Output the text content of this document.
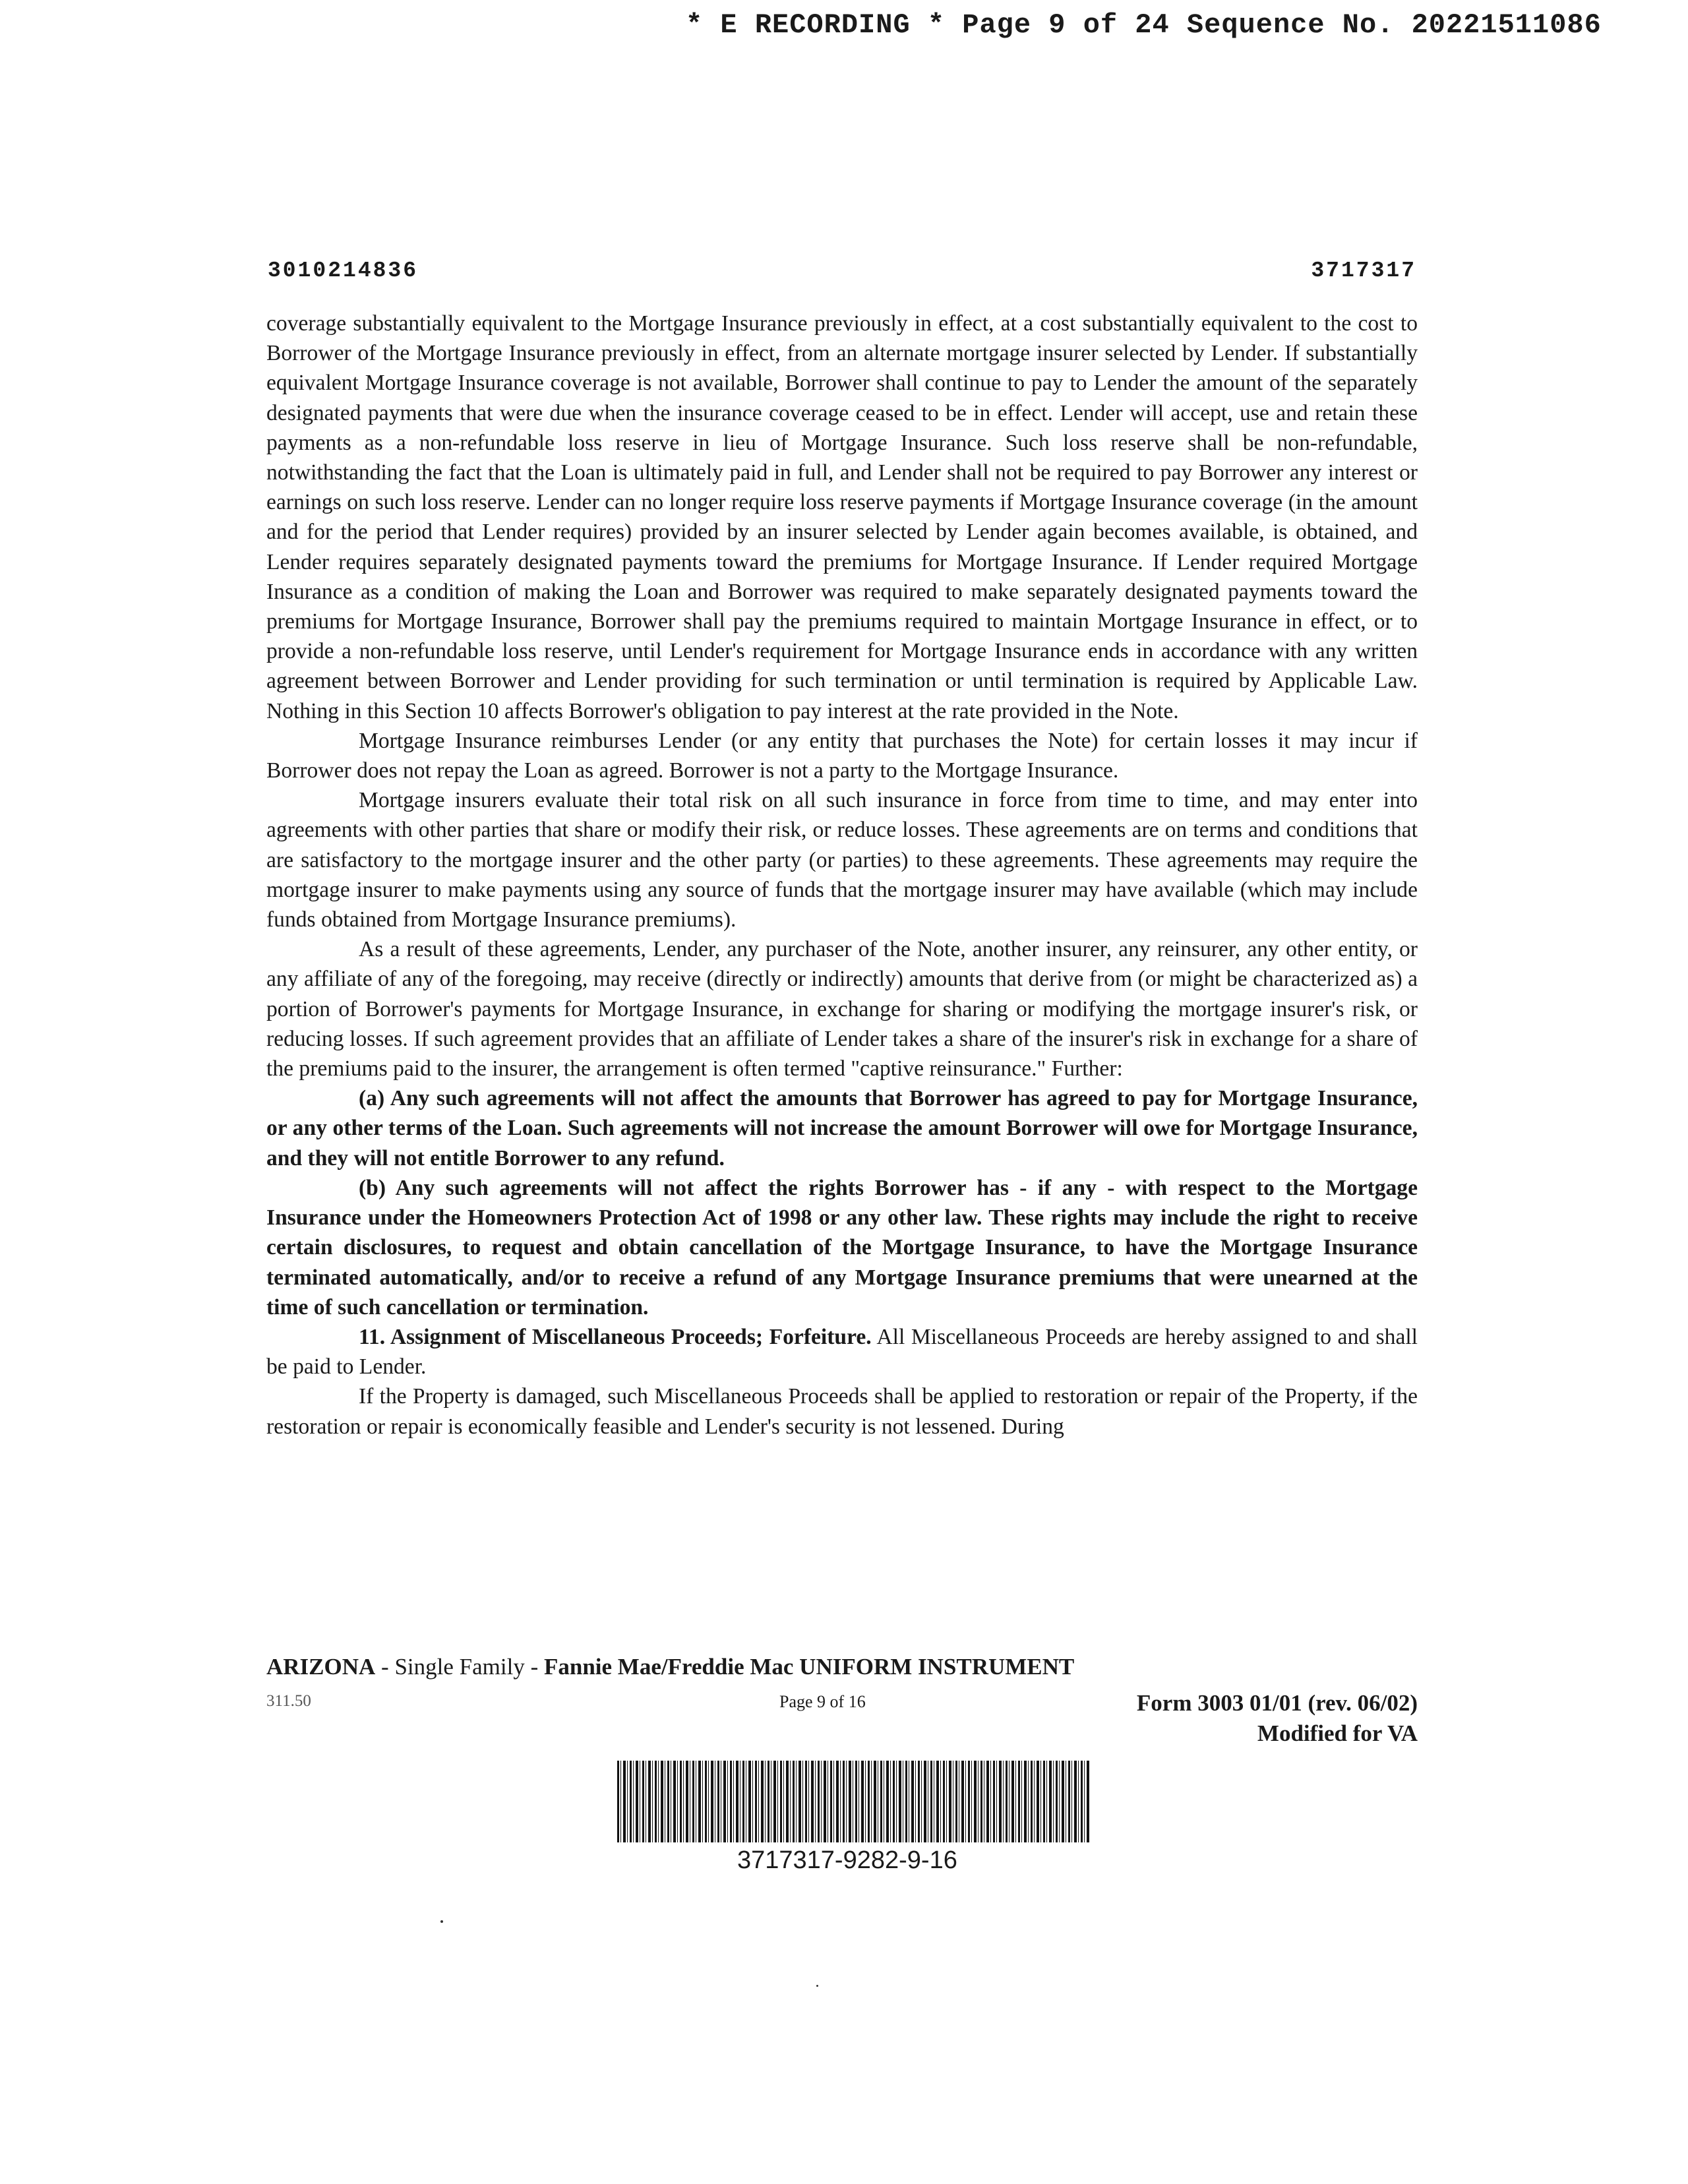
* E RECORDING * Page 9 of 24 Sequence No. 20221511086
3010214836	3717317

coverage substantially equivalent to the Mortgage Insurance previously in effect, at a cost substantially equivalent to the cost to Borrower of the Mortgage Insurance previously in effect, from an alternate mortgage insurer selected by Lender. If substantially equivalent Mortgage Insurance coverage is not available, Borrower shall continue to pay to Lender the amount of the separately designated payments that were due when the insurance coverage ceased to be in effect. Lender will accept, use and retain these payments as a non-refundable loss reserve in lieu of Mortgage Insurance. Such loss reserve shall be non-refundable, notwithstanding the fact that the Loan is ultimately paid in full, and Lender shall not be required to pay Borrower any interest or earnings on such loss reserve. Lender can no longer require loss reserve payments if Mortgage Insurance coverage (in the amount and for the period that Lender requires) provided by an insurer selected by Lender again becomes available, is obtained, and Lender requires separately designated payments toward the premiums for Mortgage Insurance. If Lender required Mortgage Insurance as a condition of making the Loan and Borrower was required to make separately designated payments toward the premiums for Mortgage Insurance, Borrower shall pay the premiums required to maintain Mortgage Insurance in effect, or to provide a non-refundable loss reserve, until Lender's requirement for Mortgage Insurance ends in accordance with any written agreement between Borrower and Lender providing for such termination or until termination is required by Applicable Law. Nothing in this Section 10 affects Borrower's obligation to pay interest at the rate provided in the Note.

Mortgage Insurance reimburses Lender (or any entity that purchases the Note) for certain losses it may incur if Borrower does not repay the Loan as agreed. Borrower is not a party to the Mortgage Insurance.

Mortgage insurers evaluate their total risk on all such insurance in force from time to time, and may enter into agreements with other parties that share or modify their risk, or reduce losses. These agreements are on terms and conditions that are satisfactory to the mortgage insurer and the other party (or parties) to these agreements. These agreements may require the mortgage insurer to make payments using any source of funds that the mortgage insurer may have available (which may include funds obtained from Mortgage Insurance premiums).

As a result of these agreements, Lender, any purchaser of the Note, another insurer, any reinsurer, any other entity, or any affiliate of any of the foregoing, may receive (directly or indirectly) amounts that derive from (or might be characterized as) a portion of Borrower's payments for Mortgage Insurance, in exchange for sharing or modifying the mortgage insurer's risk, or reducing losses. If such agreement provides that an affiliate of Lender takes a share of the insurer's risk in exchange for a share of the premiums paid to the insurer, the arrangement is often termed "captive reinsurance." Further:

(a) Any such agreements will not affect the amounts that Borrower has agreed to pay for Mortgage Insurance, or any other terms of the Loan. Such agreements will not increase the amount Borrower will owe for Mortgage Insurance, and they will not entitle Borrower to any refund.

(b) Any such agreements will not affect the rights Borrower has - if any - with respect to the Mortgage Insurance under the Homeowners Protection Act of 1998 or any other law. These rights may include the right to receive certain disclosures, to request and obtain cancellation of the Mortgage Insurance, to have the Mortgage Insurance terminated automatically, and/or to receive a refund of any Mortgage Insurance premiums that were unearned at the time of such cancellation or termination.

11. Assignment of Miscellaneous Proceeds; Forfeiture. All Miscellaneous Proceeds are hereby assigned to and shall be paid to Lender.

If the Property is damaged, such Miscellaneous Proceeds shall be applied to restoration or repair of the Property, if the restoration or repair is economically feasible and Lender's security is not lessened. During

ARIZONA - Single Family - Fannie Mae/Freddie Mac UNIFORM INSTRUMENT
311.50	Page 9 of 16	Form 3003 01/01 (rev. 06/02)
Modified for VA
3717317-9282-9-16
